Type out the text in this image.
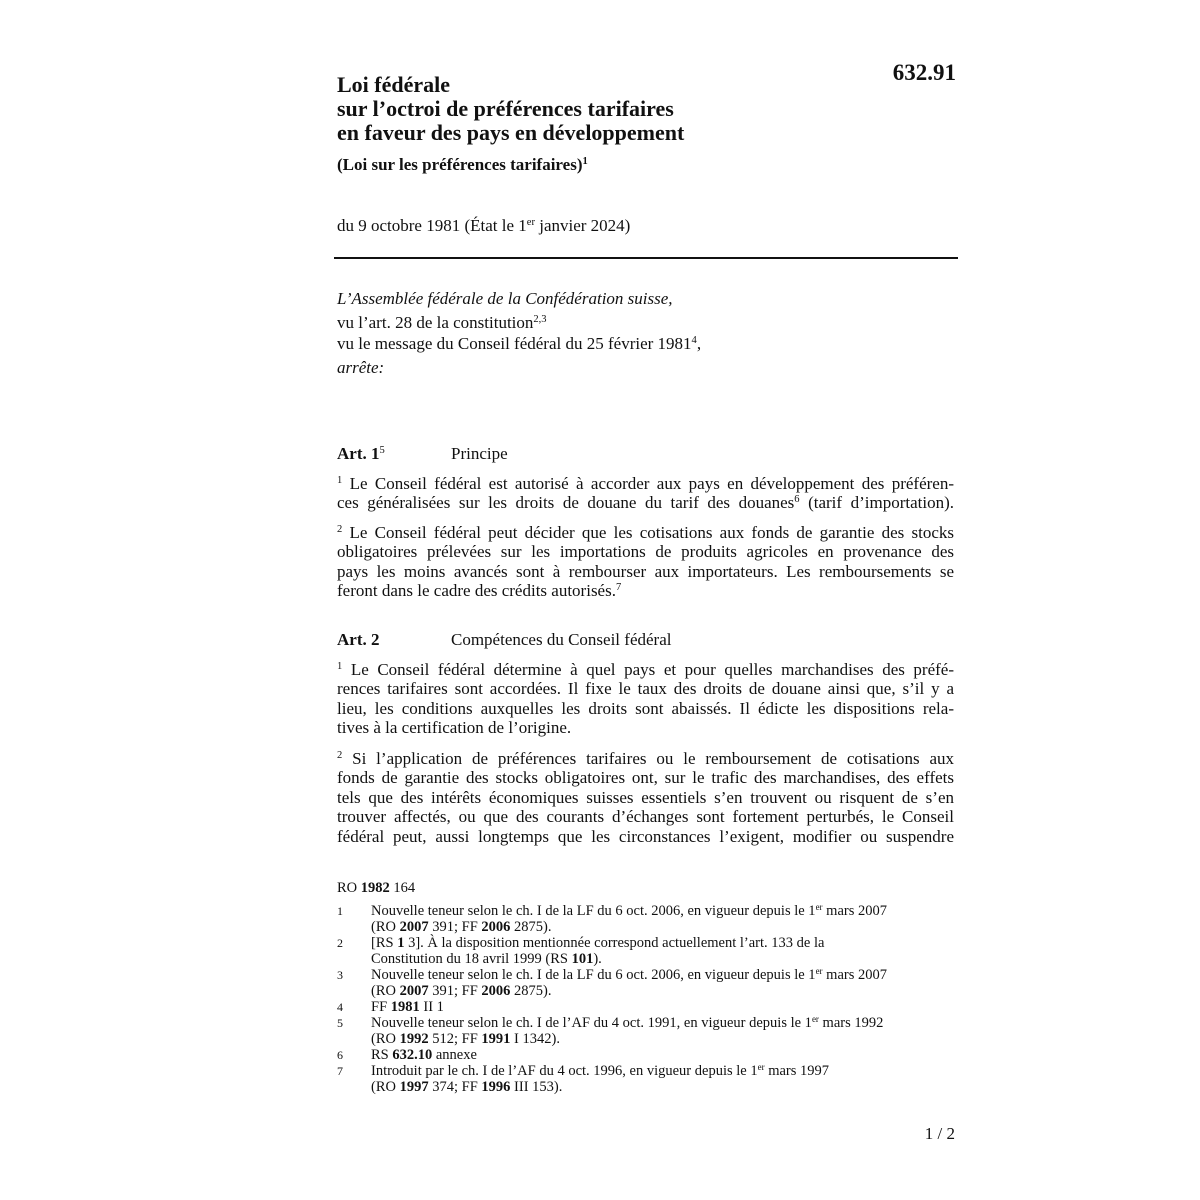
632.91
Loi fédérale
sur l’octroi de préférences tarifaires
en faveur des pays en développement
(Loi sur les préférences tarifaires)$^1$
du 9 octobre 1981 (État le 1er janvier 2024)
L’Assemblée fédérale de la Confédération suisse,
vu l’art. 28 de la constitution$^{2,3}$
vu le message du Conseil fédéral du 25 février 1981$^4$,
arrête:
Art. $1^5$	Principe
$^1$ Le Conseil fédéral est autorisé à accorder aux pays en développement des préféren-
ces généralisées sur les droits de douane du tarif des douanes$^6$ (tarif d’importation).
$^2$ Le Conseil fédéral peut décider que les cotisations aux fonds de garantie des stocks
obligatoires prélevées sur les importations de produits agricoles en provenance des
pays les moins avancés sont à rembourser aux importateurs. Les remboursements se
feront dans le cadre des crédits autorisés.$^7$
Art. 2	Compétences du Conseil fédéral
$^1$ Le Conseil fédéral détermine à quel pays et pour quelles marchandises des préfé-
rences tarifaires sont accordées. Il fixe le taux des droits de douane ainsi que, s’il y a
lieu, les conditions auxquelles les droits sont abaissés. Il édicte les dispositions rela-
tives à la certification de l’origine.
$^2$ Si l’application de préférences tarifaires ou le remboursement de cotisations aux
fonds de garantie des stocks obligatoires ont, sur le trafic des marchandises, des effets
tels que des intérêts économiques suisses essentiels s’en trouvent ou risquent de s’en
trouver affectés, ou que des courants d’échanges sont fortement perturbés, le Conseil
fédéral peut, aussi longtemps que les circonstances l’exigent, modifier ou suspendre
RO 1982 164
1 Nouvelle teneur selon le ch. I de la LF du 6 oct. 2006, en vigueur depuis le 1er mars 2007
(RO 2007 391; FF 2006 2875).
2 [RS 1 3]. À la disposition mentionnée correspond actuellement l’art. 133 de la
Constitution du 18 avril 1999 (RS 101).
3 Nouvelle teneur selon le ch. I de la LF du 6 oct. 2006, en vigueur depuis le 1er mars 2007
(RO 2007 391; FF 2006 2875).
4 FF 1981 II 1
5 Nouvelle teneur selon le ch. I de l’AF du 4 oct. 1991, en vigueur depuis le 1er mars 1992
(RO 1992 512; FF 1991 I 1342).
6 RS 632.10 annexe
7 Introduit par le ch. I de l’AF du 4 oct. 1996, en vigueur depuis le 1er mars 1997
(RO 1997 374; FF 1996 III 153).
1 / 2
